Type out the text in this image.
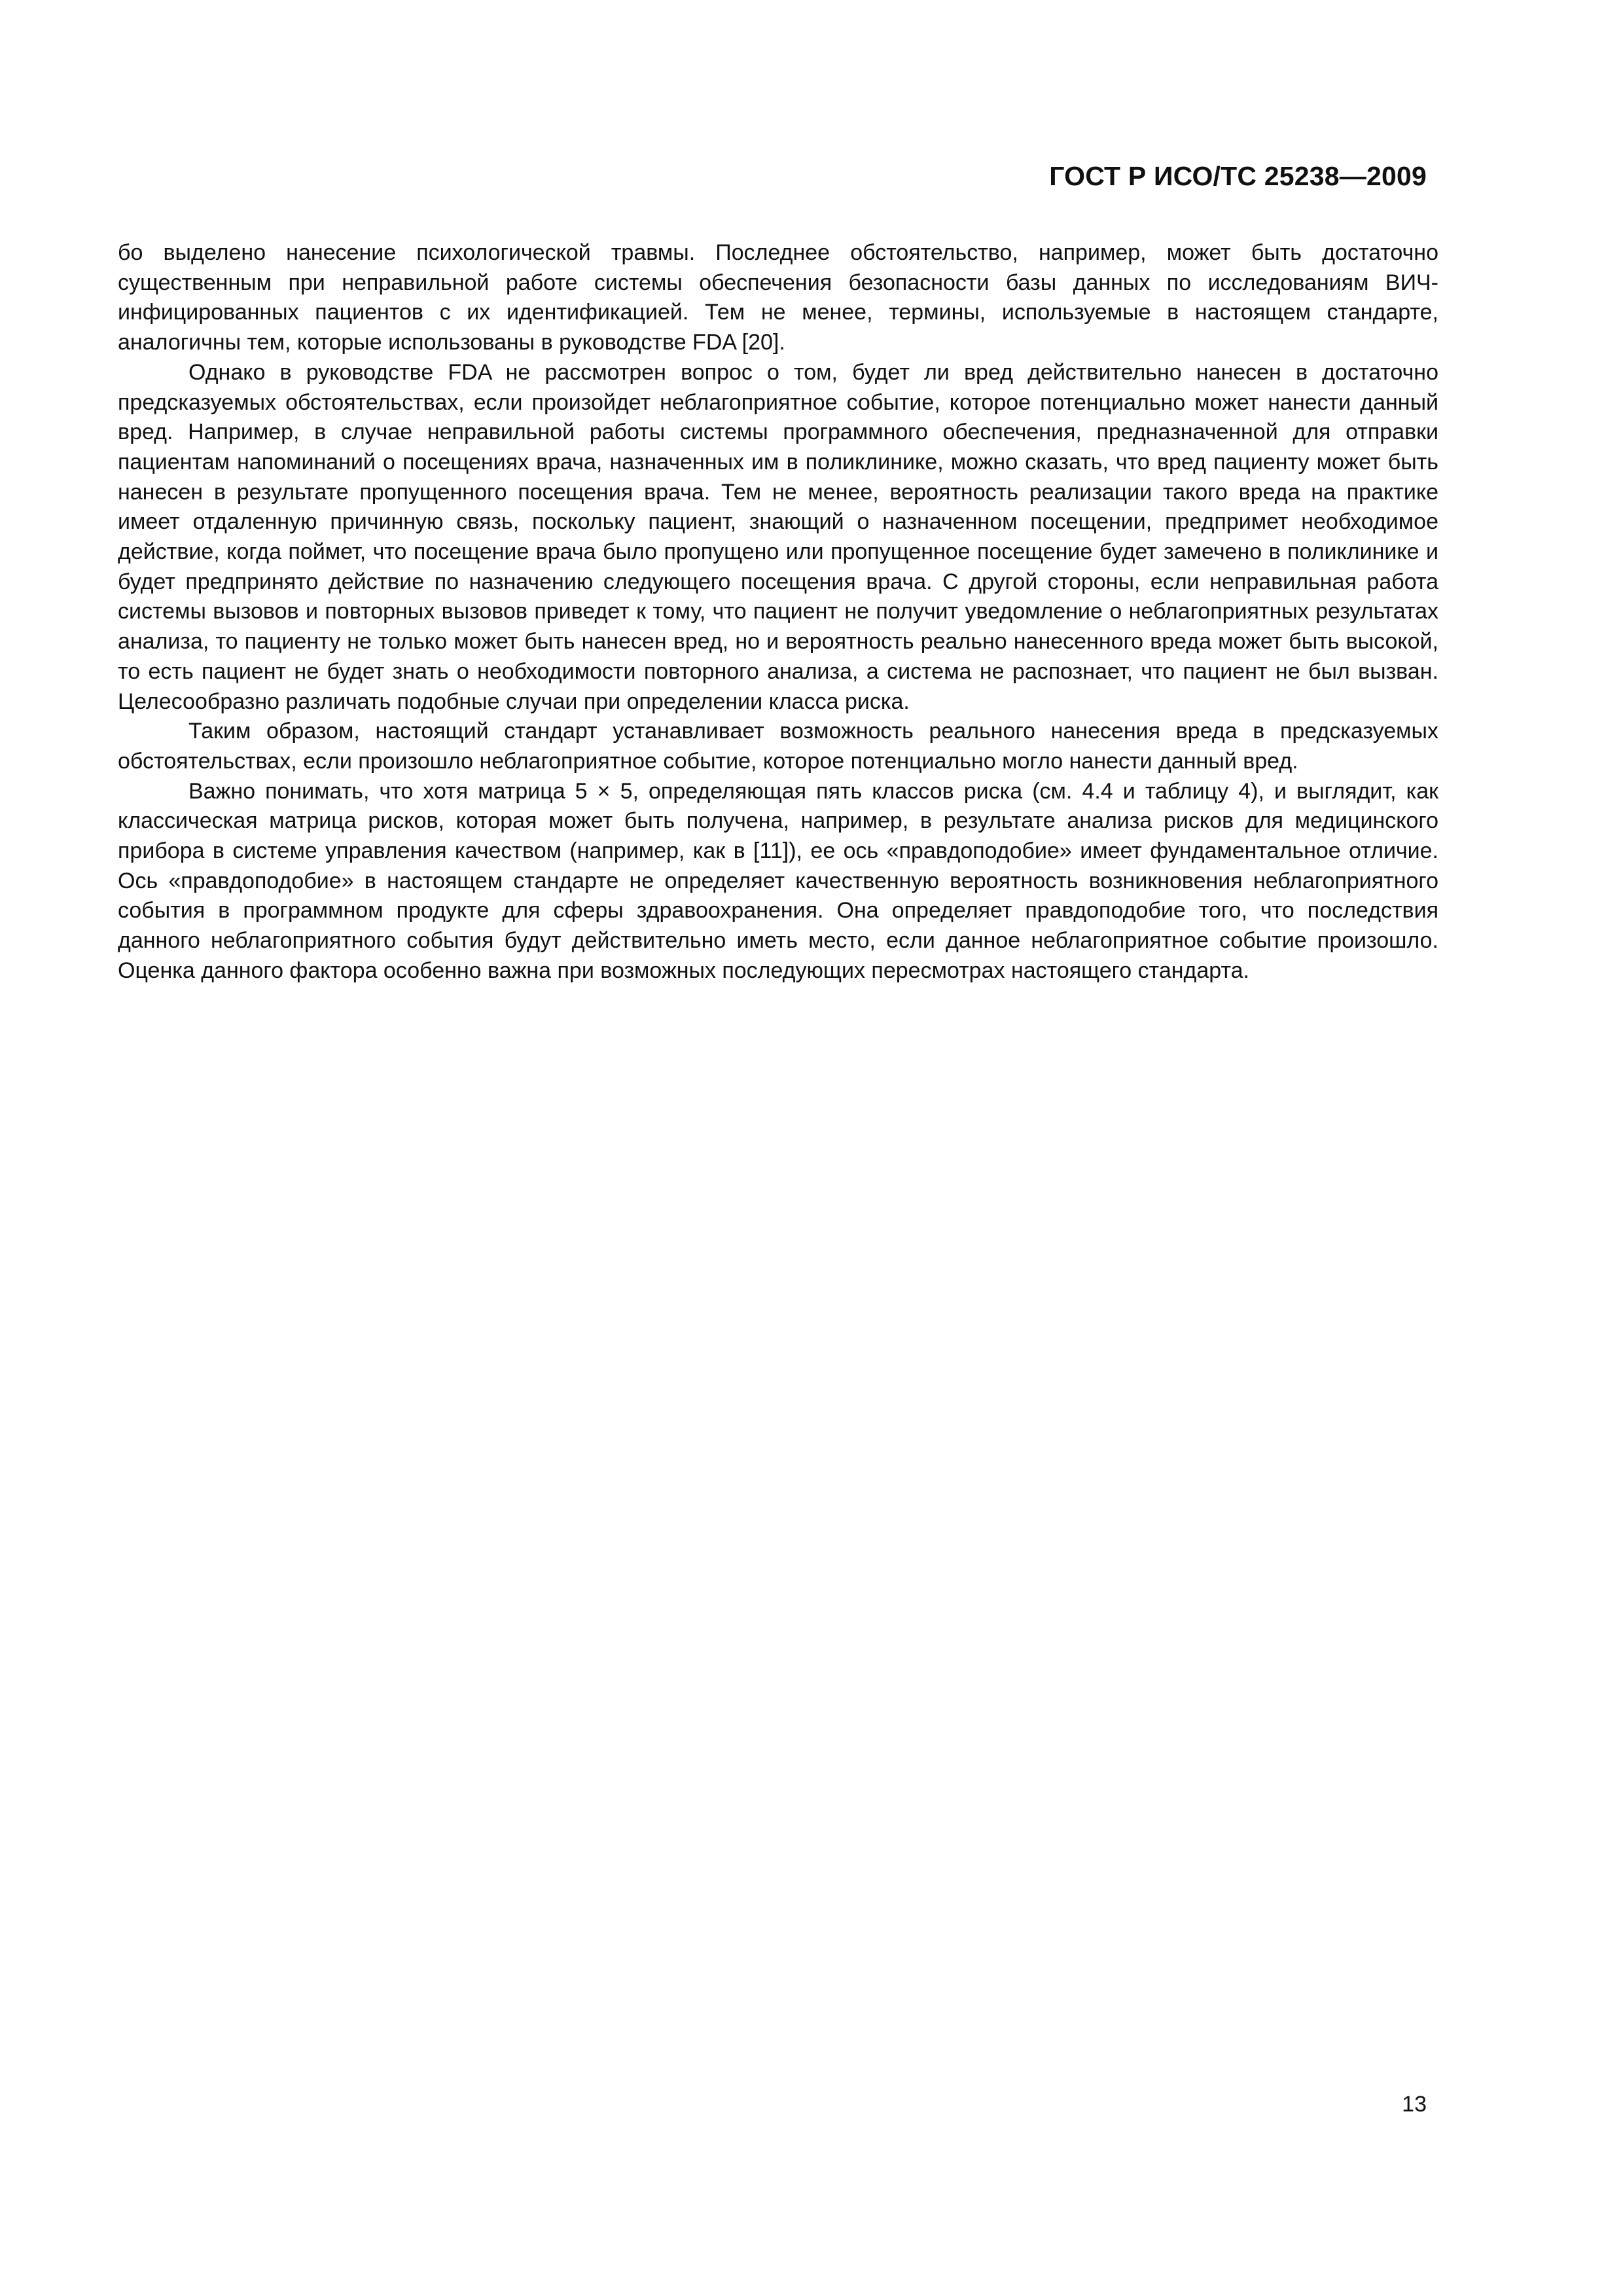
ГОСТ Р ИСО/ТС 25238—2009

бо выделено нанесение психологической травмы. Последнее обстоятельство, например, может быть достаточно существенным при неправильной работе системы обеспечения безопасности базы данных по исследованиям ВИЧ-инфицированных пациентов с их идентификацией. Тем не менее, термины, используемые в настоящем стандарте, аналогичны тем, которые использованы в руководстве FDA [20].

Однако в руководстве FDA не рассмотрен вопрос о том, будет ли вред действительно нанесен в достаточно предсказуемых обстоятельствах, если произойдет неблагоприятное событие, которое потенциально может нанести данный вред. Например, в случае неправильной работы системы программного обеспечения, предназначенной для отправки пациентам напоминаний о посещениях врача, назначенных им в поликлинике, можно сказать, что вред пациенту может быть нанесен в результате пропущенного посещения врача. Тем не менее, вероятность реализации такого вреда на практике имеет отдаленную причинную связь, поскольку пациент, знающий о назначенном посещении, предпримет необходимое действие, когда поймет, что посещение врача было пропущено или пропущенное посещение будет замечено в поликлинике и будет предпринято действие по назначению следующего посещения врача. С другой стороны, если неправильная работа системы вызовов и повторных вызовов приведет к тому, что пациент не получит уведомление о неблагоприятных результатах анализа, то пациенту не только может быть нанесен вред, но и вероятность реально нанесенного вреда может быть высокой, то есть пациент не будет знать о необходимости повторного анализа, а система не распознает, что пациент не был вызван. Целесообразно различать подобные случаи при определении класса риска.

Таким образом, настоящий стандарт устанавливает возможность реального нанесения вреда в предсказуемых обстоятельствах, если произошло неблагоприятное событие, которое потенциально могло нанести данный вред.

Важно понимать, что хотя матрица 5 × 5, определяющая пять классов риска (см. 4.4 и таблицу 4), и выглядит, как классическая матрица рисков, которая может быть получена, например, в результате анализа рисков для медицинского прибора в системе управления качеством (например, как в [11]), ее ось «правдоподобие» имеет фундаментальное отличие. Ось «правдоподобие» в настоящем стандарте не определяет качественную вероятность возникновения неблагоприятного события в программном продукте для сферы здравоохранения. Она определяет правдоподобие того, что последствия данного неблагоприятного события будут действительно иметь место, если данное неблагоприятное событие произошло. Оценка данного фактора особенно важна при возможных последующих пересмотрах настоящего стандарта.

13
